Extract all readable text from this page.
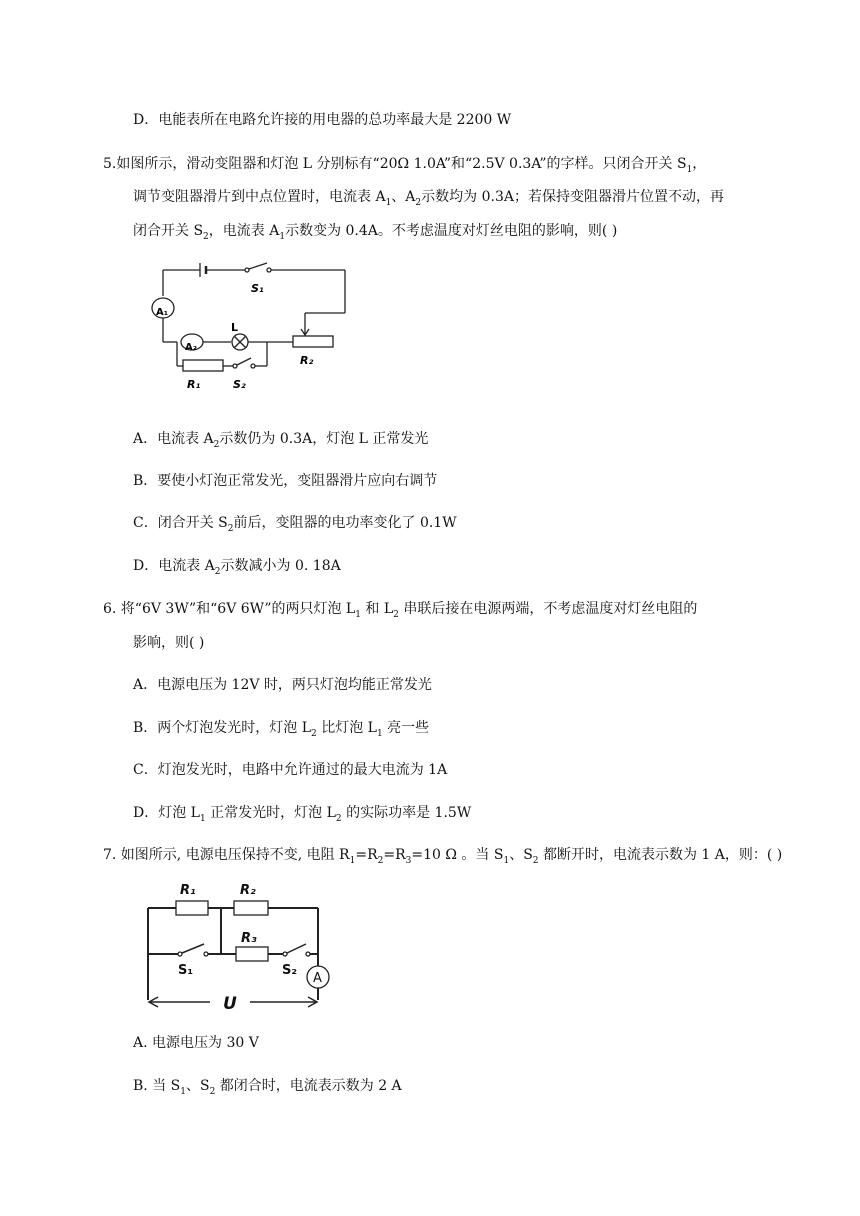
D．电能表所在电路允许接的用电器的总功率最大是 2200 W
5.如图所示，滑动变阻器和灯泡 L 分别标有“20Ω 1.0A”和“2.5V 0.3A”的字样。只闭合开关 $S_1$，
调节变阻器滑片到中点位置时，电流表 $A_1$、$A_2$示数均为 0.3A；若保持变阻器滑片位置不动，再
闭合开关 $S_2$，电流表 $A_1$示数变为 0.4A。不考虑温度对灯丝电阻的影响，则( )
S₁
A₁
A₂
L
R₂
R₁	S₂
A．电流表 $A_2$示数仍为 0.3A，灯泡 L 正常发光
B．要使小灯泡正常发光，变阻器滑片应向右调节
C．闭合开关 $S_2$前后，变阻器的电功率变化了 0.1W
D．电流表 $A_2$示数减小为 0. 18A
6. 将“6V 3W”和“6V 6W”的两只灯泡 $L_1$ 和 $L_2$ 串联后接在电源两端，不考虑温度对灯丝电阻的
影响，则( )
A．电源电压为 12V 时，两只灯泡均能正常发光
B．两个灯泡发光时，灯泡 $L_2$ 比灯泡 $L_1$ 亮一些
C．灯泡发光时，电路中允许通过的最大电流为 1A
D．灯泡 $L_1$ 正常发光时，灯泡 $L_2$ 的实际功率是 1.5W
7. 如图所示, 电源电压保持不变, 电阻 $R_1=R_2=R_3=10$ Ω 。当 $S_1$、$S_2$ 都断开时，电流表示数为 1 A，则：( )
R₁	R₂
R₃
S₁	S₂
A
U
A. 电源电压为 30 V
B. 当 $S_1$、$S_2$ 都闭合时，电流表示数为 2 A
